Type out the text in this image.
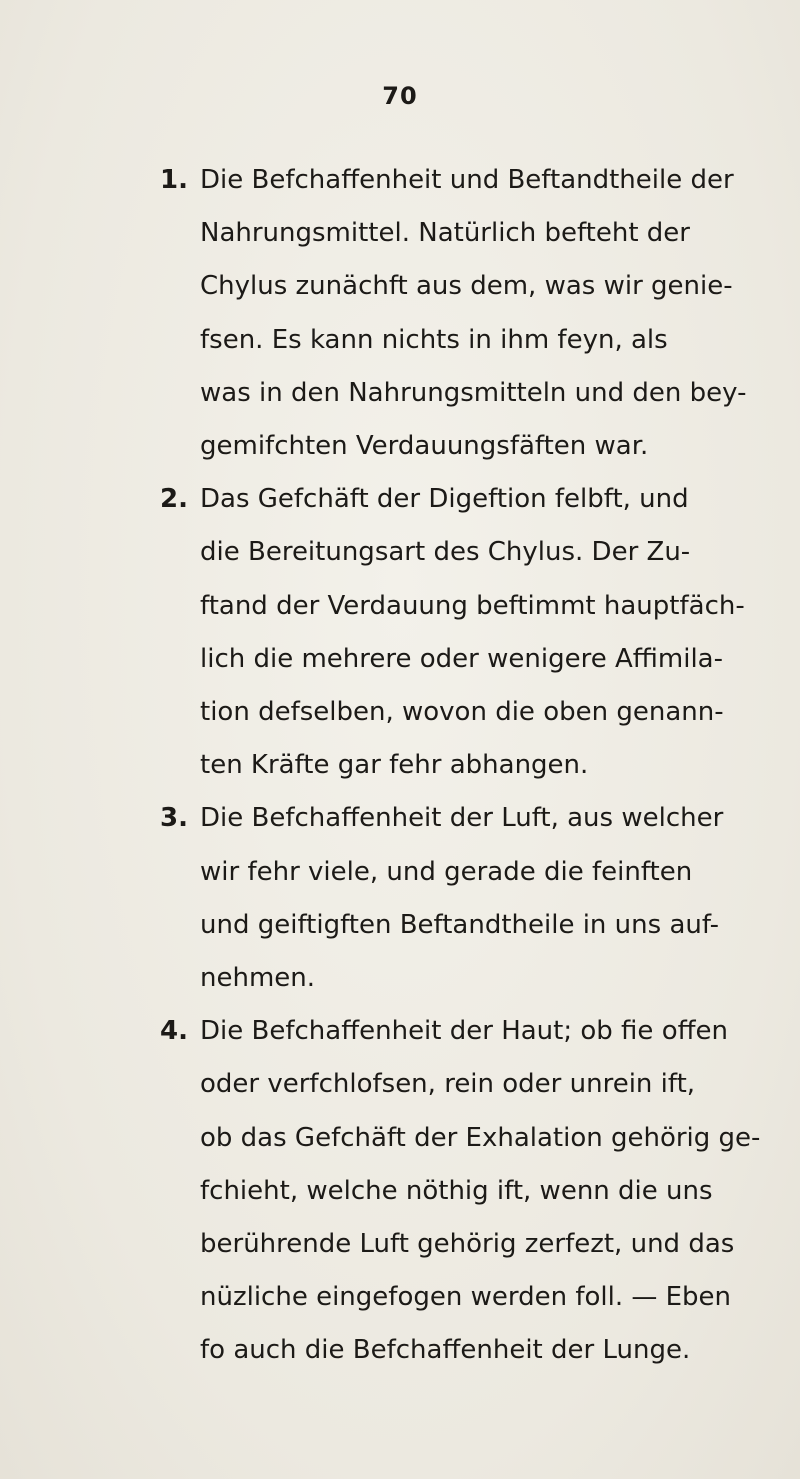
70
1. Die Befchaffenheit und Beftandtheile der
Nahrungsmittel. Natürlich befteht der
Chylus zunächft aus dem, was wir genie-
fsen. Es kann nichts in ihm feyn, als
was in den Nahrungsmitteln und den bey-
gemifchten Verdauungsfäften war.
2. Das Gefchäft der Digeftion felbft, und
die Bereitungsart des Chylus. Der Zu-
ftand der Verdauung beftimmt hauptfäch-
lich die mehrere oder wenigere Affimila-
tion defselben, wovon die oben genann-
ten Kräfte gar fehr abhangen.
3. Die Befchaffenheit der Luft, aus welcher
wir fehr viele, und gerade die feinften
und geiftigften Beftandtheile in uns auf-
nehmen.
4. Die Befchaffenheit der Haut; ob fie offen
oder verfchlofsen, rein oder unrein ift,
ob das Gefchäft der Exhalation gehörig ge-
fchieht, welche nöthig ift, wenn die uns
berührende Luft gehörig zerfezt, und das
nüzliche eingefogen werden foll. — Eben
fo auch die Befchaffenheit der Lunge.
